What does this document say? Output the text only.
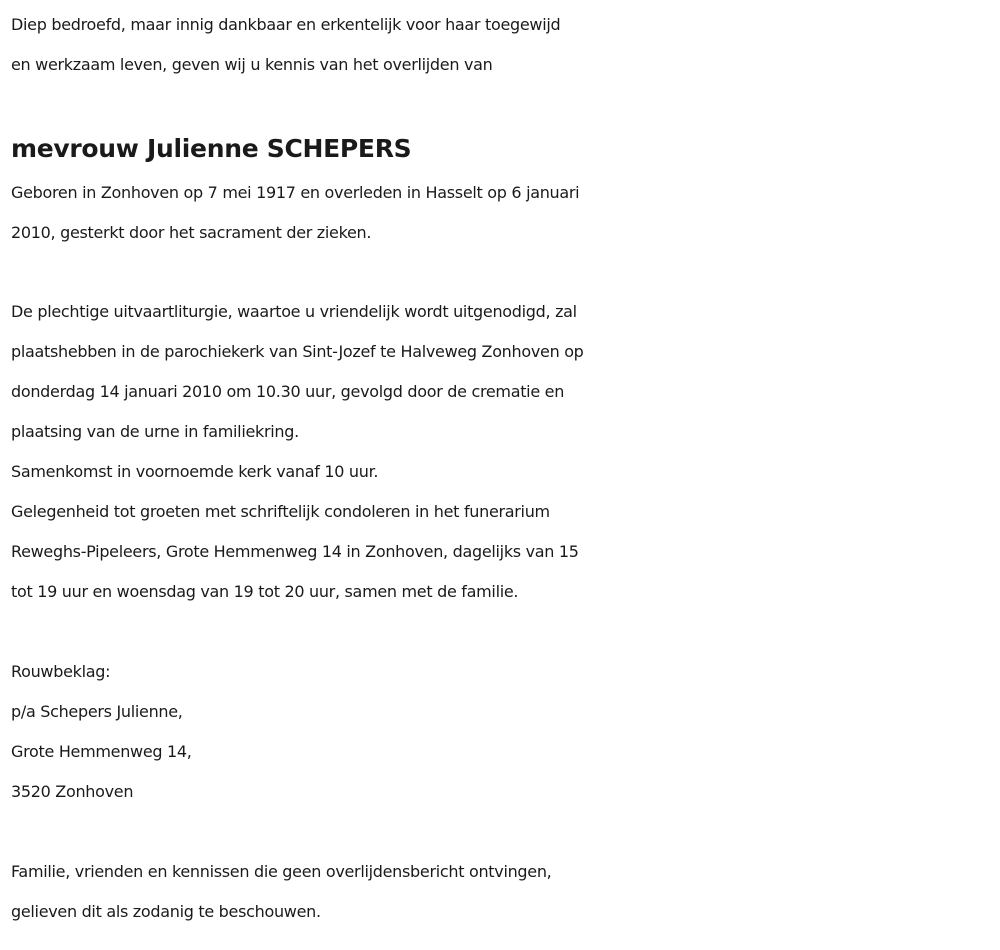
Diep bedroefd, maar innig dankbaar en erkentelijk voor haar toegewijd
en werkzaam leven, geven wij u kennis van het overlijden van
mevrouw Julienne SCHEPERS
Geboren in Zonhoven op 7 mei 1917 en overleden in Hasselt op 6 januari
2010, gesterkt door het sacrament der zieken.
De plechtige uitvaartliturgie, waartoe u vriendelijk wordt uitgenodigd, zal
plaatshebben in de parochiekerk van Sint-Jozef te Halveweg Zonhoven op
donderdag 14 januari 2010 om 10.30 uur, gevolgd door de crematie en
plaatsing van de urne in familiekring.
Samenkomst in voornoemde kerk vanaf 10 uur.
Gelegenheid tot groeten met schriftelijk condoleren in het funerarium
Reweghs-Pipeleers, Grote Hemmenweg 14 in Zonhoven, dagelijks van 15
tot 19 uur en woensdag van 19 tot 20 uur, samen met de familie.
Rouwbeklag:
p/a Schepers Julienne,
Grote Hemmenweg 14,
3520 Zonhoven
Familie, vrienden en kennissen die geen overlijdensbericht ontvingen,
gelieven dit als zodanig te beschouwen.
